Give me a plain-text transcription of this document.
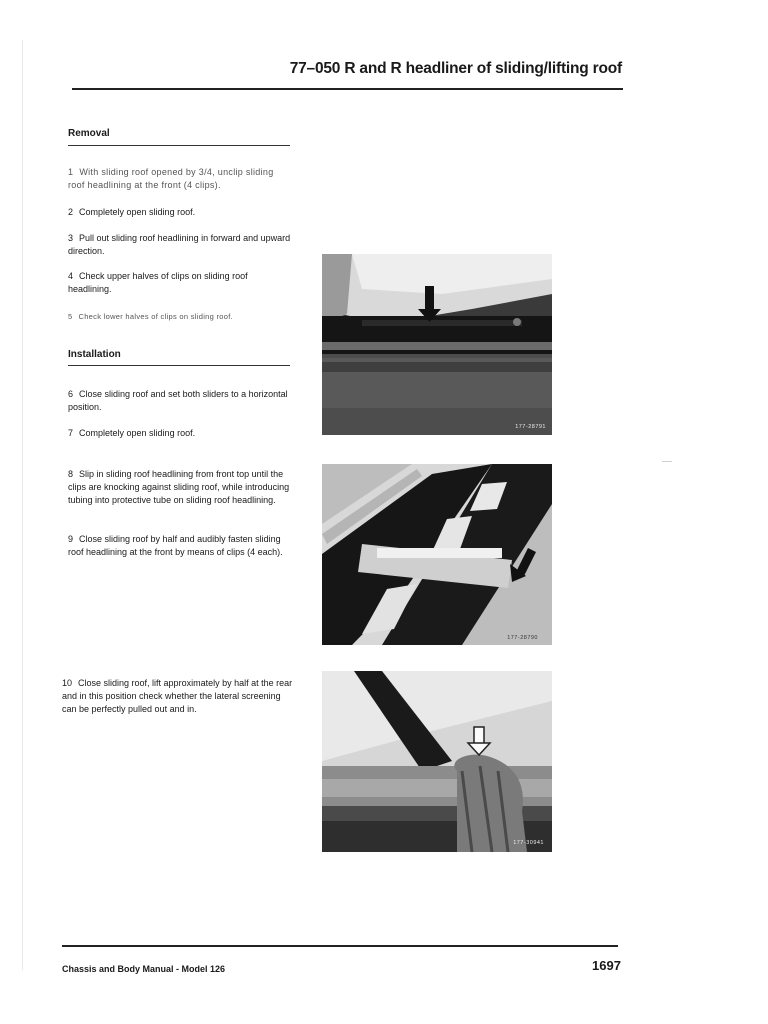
77–050 R and R headliner of sliding/lifting roof
Removal
1 With sliding roof opened by 3/4, unclip sliding roof headlining at the front (4 clips).
2 Completely open sliding roof.
3 Pull out sliding roof headlining in forward and upward direction.
4 Check upper halves of clips on sliding roof headlining.
5 Check lower halves of clips on sliding roof.
Installation
6 Close sliding roof and set both sliders to a horizontal position.
7 Completely open sliding roof.
8 Slip in sliding roof headlining from front top until the clips are knocking against sliding roof, while introducing tubing into protective tube on sliding roof headlining.
9 Close sliding roof by half and audibly fasten sliding roof headlining at the front by means of clips (4 each).
10 Close sliding roof, lift approximately by half at the rear and in this position check whether the lateral screening can be perfectly pulled out and in.
177-28791
177-28790
177-30941
Chassis and Body Manual - Model 126	1697
